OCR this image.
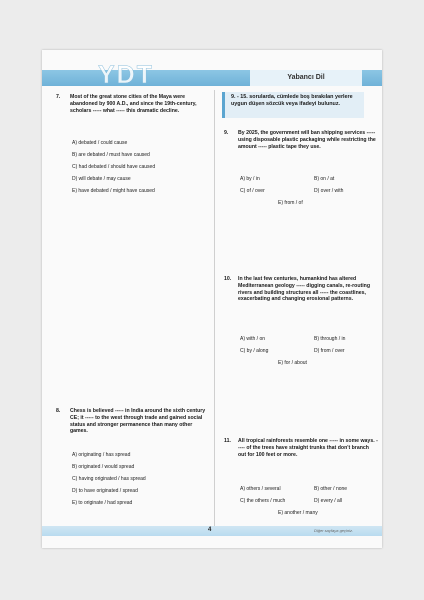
YDT	Yabancı Dil
7. Most of the great stone cities of the Maya were abandoned by 900 A.D., and since the 19th-century, scholars ----- what ----- this dramatic decline.
A) debated / could cause
B) are debated / must have caused
C) had debated / should have caused
D) will debate / may cause
E) have debated / might have caused
8. Chess is believed ----- in India around the sixth century CE; it ----- to the west through trade and gained social status and stronger permanence than many other games.
A) originating / has spread
B) originated / would spread
C) having originated / has spread
D) to have originated / spread
E) to originate / had spread
9. - 15. sorularda, cümlede boş bırakılan yerlere uygun düşen sözcük veya ifadeyi bulunuz.
9. By 2025, the government will ban shipping services ----- using disposable plastic packaging while restricting the amount ----- plastic tape they use.
A) by / in	B) on / at
C) of / over	D) over / with
E) from / of
10. In the last few centuries, humankind has altered Mediterranean geology ----- digging canals, re-routing rivers and building structures all ----- the coastlines, exacerbating and changing erosional patterns.
A) with / on	B) through / in
C) by / along	D) from / over
E) for / about
11. All tropical rainforests resemble one ----- in some ways. ----- of the trees have straight trunks that don't branch out for 100 feet or more.
A) others / several	B) other / none
C) the others / much	D) every / all
E) another / many
4	Diğer sayfaya geçiniz.
